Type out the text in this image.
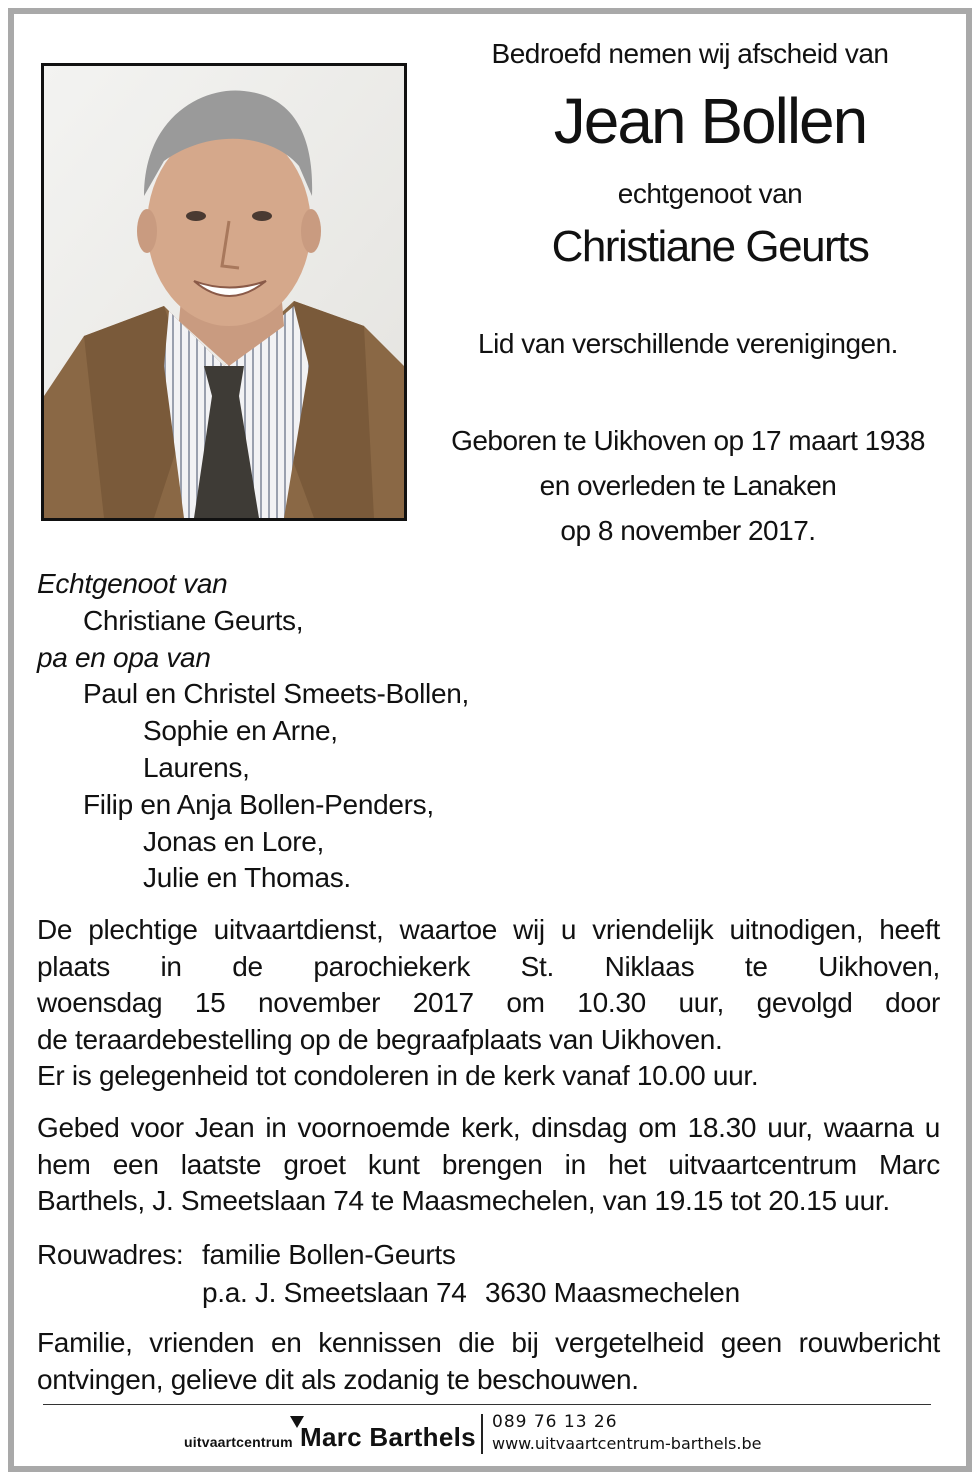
Bedroefd nemen wij afscheid van
Jean Bollen
echtgenoot van
Christiane Geurts
Lid van verschillende verenigingen.
Geboren te Uikhoven op 17 maart 1938
en overleden te Lanaken
op 8 november 2017.
Echtgenoot van
Christiane Geurts,
pa en opa van
Paul en Christel Smeets-Bollen,
Sophie en Arne,
Laurens,
Filip en Anja Bollen-Penders,
Jonas en Lore,
Julie en Thomas.
De plechtige uitvaartdienst, waartoe wij u vriendelijk uitnodigen, heeft
plaats in de parochiekerk St. Niklaas te Uikhoven,
woensdag 15 november 2017 om 10.30 uur, gevolgd door
de teraardebestelling op de begraafplaats van Uikhoven.
Er is gelegenheid tot condoleren in de kerk vanaf 10.00 uur.
Gebed voor Jean in voornoemde kerk, dinsdag om 18.30 uur, waarna u
hem een laatste groet kunt brengen in het uitvaartcentrum Marc
Barthels, J. Smeetslaan 74 te Maasmechelen, van 19.15 tot 20.15 uur.
Rouwadres: familie Bollen-Geurts
p.a. J. Smeetslaan 74 3630 Maasmechelen
Familie, vrienden en kennissen die bij vergetelheid geen rouwbericht
ontvingen, gelieve dit als zodanig te beschouwen.
uitvaartcentrum Marc Barthels 089 76 13 26
www.uitvaartcentrum-barthels.be
